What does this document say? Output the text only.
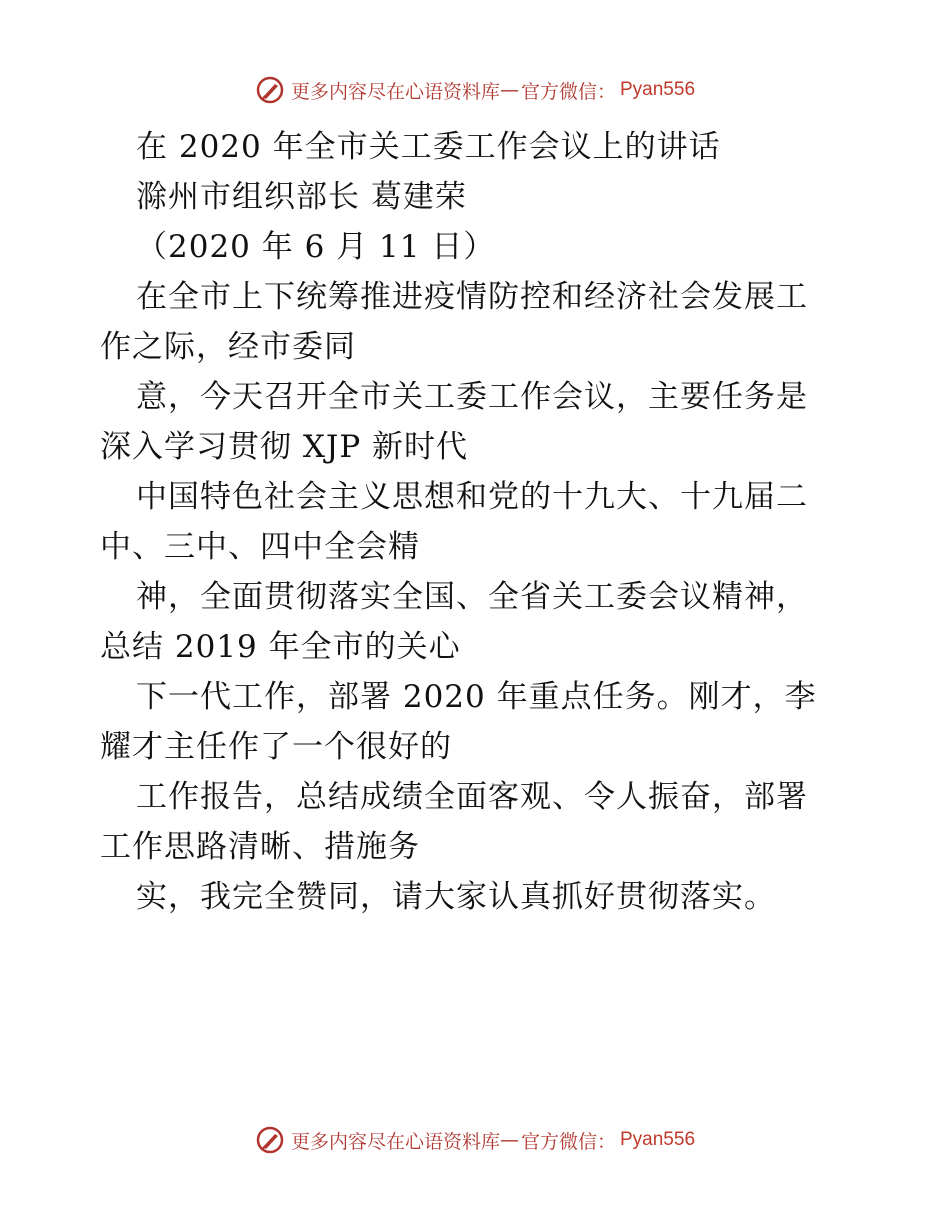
更多内容尽在心语资料库 — 官方微信： Pyan556
在 2020 年全市关工委工作会议上的讲话
滁州市组织部长 葛建荣
（2020 年 6 月 11 日）
在全市上下统筹推进疫情防控和经济社会发展工
作之际，经市委同
意，今天召开全市关工委工作会议，主要任务是
深入学习贯彻 XJP 新时代
中国特色社会主义思想和党的十九大、十九届二
中、三中、四中全会精
神，全面贯彻落实全国、全省关工委会议精神，
总结 2019 年全市的关心
下一代工作，部署 2020 年重点任务。刚才，李
耀才主任作了一个很好的
工作报告，总结成绩全面客观、令人振奋，部署
工作思路清晰、措施务
实，我完全赞同，请大家认真抓好贯彻落实。
更多内容尽在心语资料库 — 官方微信： Pyan556
